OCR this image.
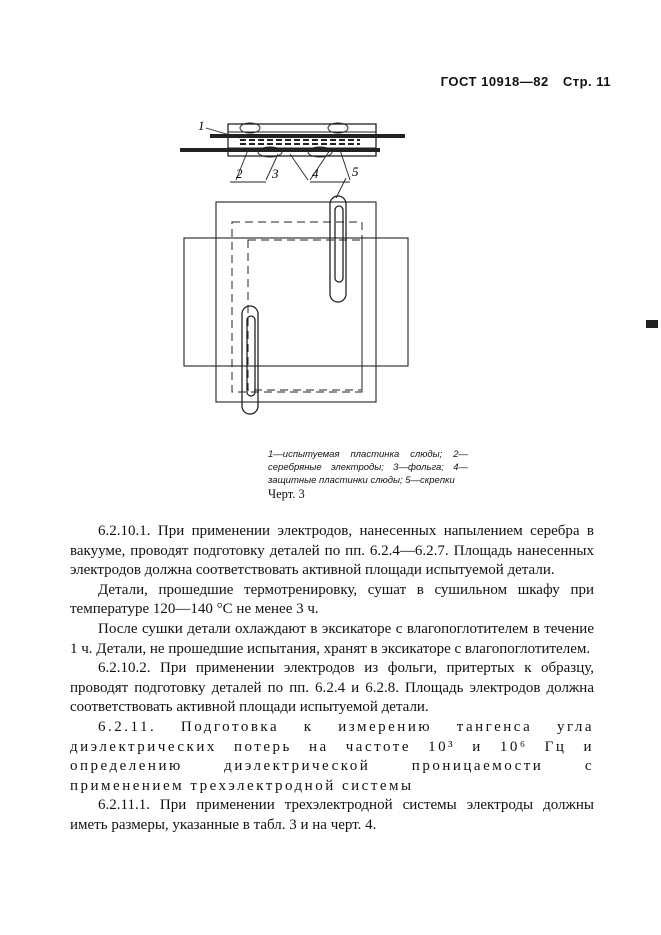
ГОСТ 10918—82 Стр. 11
1
2 3	4	5
1—испытуемая пластинка слюды; 2—серебряные электроды; 3—фольга; 4—защитные пластинки слюды; 5—скрепки
Черт. 3

6.2.10.1. При применении электродов, нанесенных напылением серебра в вакууме, проводят подготовку деталей по пп. 6.2.4—6.2.7. Площадь нанесенных электродов должна соответствовать активной площади испытуемой детали.

Детали, прошедшие термотренировку, сушат в сушильном шкафу при температуре 120—140 °С не менее 3 ч.

После сушки детали охлаждают в эксикаторе с влагопоглотителем в течение 1 ч. Детали, не прошедшие испытания, хранят в эксикаторе с влагопоглотителем.

6.2.10.2. При применении электродов из фольги, притертых к образцу, проводят подготовку деталей по пп. 6.2.4 и 6.2.8. Площадь электродов должна соответствовать активной площади испытуемой детали.

6.2.11. Подготовка к измерению тангенса угла диэлектрических потерь на частоте 10³ и 10⁶ Гц и определению диэлектрической проницаемости с применением трехэлектродной системы

6.2.11.1. При применении трехэлектродной системы электроды должны иметь размеры, указанные в табл. 3 и на черт. 4.
